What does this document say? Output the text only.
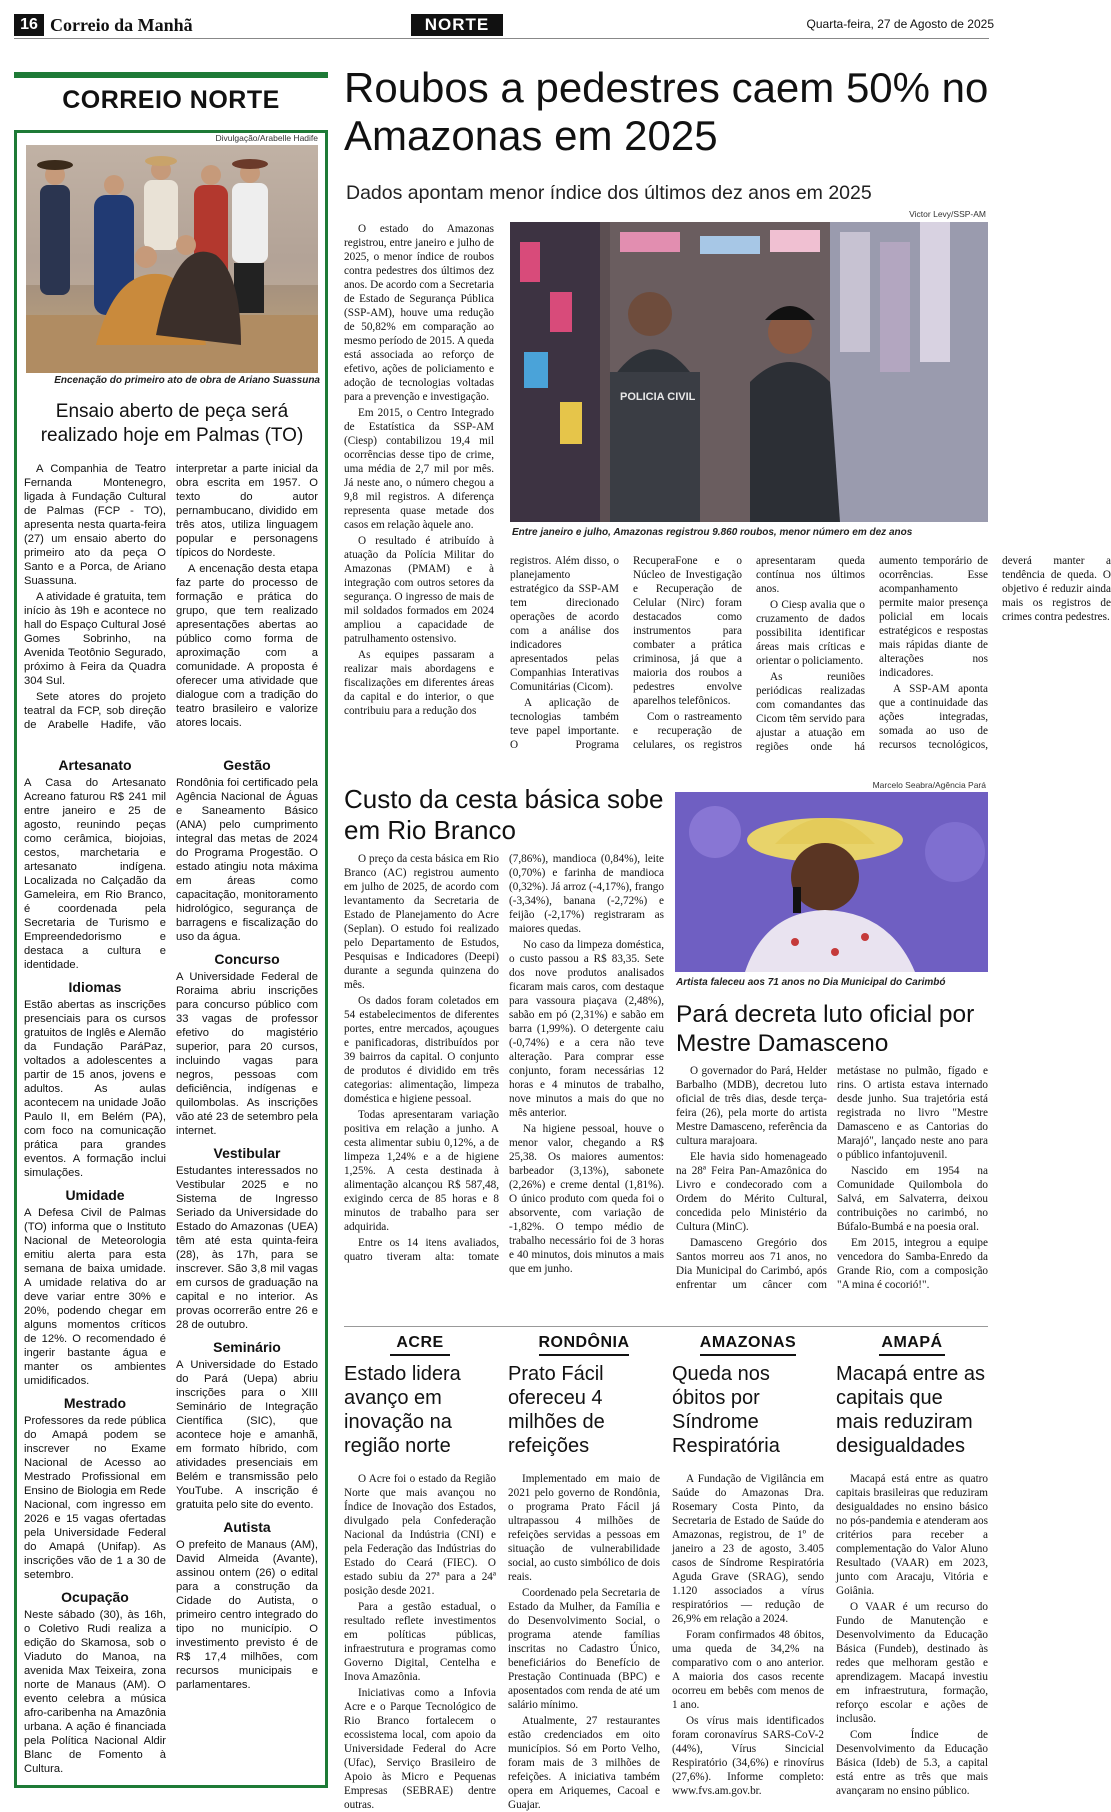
16 Correio da Manhã	NORTE	Quarta-feira, 27 de Agosto de 2025
CORREIO NORTE
Divulgação/Arabelle Hadife
Encenação do primeiro ato de obra de Ariano Suassuna
Ensaio aberto de peça será realizado hoje em Palmas (TO)

A Companhia de Teatro Fernanda Montenegro, ligada à Fundação Cultural de Palmas (FCP - TO), apresenta nesta quarta-feira (27) um ensaio aberto do primeiro ato da peça O Santo e a Porca, de Ariano Suassuna.

A atividade é gratuita, tem início às 19h e acontece no hall do Espaço Cultural José Gomes Sobrinho, na Avenida Teotônio Segurado, próximo à Feira da Quadra 304 Sul.

Sete atores do projeto teatral da FCP, sob direção de Arabelle Hadife, vão interpretar a parte inicial da obra escrita em 1957. O texto do autor pernambucano, dividido em três atos, utiliza linguagem popular e personagens típicos do Nordeste.

A encenação desta etapa faz parte do processo de formação e prática do grupo, que tem realizado apresentações abertas ao público como forma de aproximação com a comunidade. A proposta é oferecer uma atividade que dialogue com a tradição do teatro brasileiro e valorize atores locais.

Artesanato

A Casa do Artesanato Acreano faturou R$ 241 mil entre janeiro e 25 de agosto, reunindo peças como cerâmica, biojoias, cestos, marchetaria e artesanato indígena. Localizada no Calçadão da Gameleira, em Rio Branco, é coordenada pela Secretaria de Turismo e Empreendedorismo e destaca a cultura e identidade.

Idiomas

Estão abertas as inscrições presenciais para os cursos gratuitos de Inglês e Alemão da Fundação ParáPaz, voltados a adolescentes a partir de 15 anos, jovens e adultos. As aulas acontecem na unidade João Paulo II, em Belém (PA), com foco na comunicação prática para grandes eventos. A formação inclui simulações.

Umidade

A Defesa Civil de Palmas (TO) informa que o Instituto Nacional de Meteorologia emitiu alerta para esta semana de baixa umidade. A umidade relativa do ar deve variar entre 30% e 20%, podendo chegar em alguns momentos críticos de 12%. O recomendado é ingerir bastante água e manter os ambientes umidificados.

Mestrado

Professores da rede pública do Amapá podem se inscrever no Exame Nacional de Acesso ao Mestrado Profissional em Ensino de Biologia em Rede Nacional, com ingresso em 2026 e 15 vagas ofertadas pela Universidade Federal do Amapá (Unifap). As inscrições vão de 1 a 30 de setembro.

Ocupação

Neste sábado (30), às 16h, o Coletivo Rudi realiza a edição do Skamosa, sob o Viaduto do Manoa, na avenida Max Teixeira, zona norte de Manaus (AM). O evento celebra a música afro-caribenha na Amazônia urbana. A ação é financiada pela Política Nacional Aldir Blanc de Fomento à Cultura.

Gestão

Rondônia foi certificado pela Agência Nacional de Águas e Saneamento Básico (ANA) pelo cumprimento integral das metas de 2024 do Programa Progestão. O estado atingiu nota máxima em áreas como capacitação, monitoramento hidrológico, segurança de barragens e fiscalização do uso da água.

Concurso

A Universidade Federal de Roraima abriu inscrições para concurso público com 33 vagas de professor efetivo do magistério superior, para 20 cursos, incluindo vagas para negros, pessoas com deficiência, indígenas e quilombolas. As inscrições vão até 23 de setembro pela internet.

Vestibular

Estudantes interessados no Vestibular 2025 e no Sistema de Ingresso Seriado da Universidade do Estado do Amazonas (UEA) têm até esta quinta-feira (28), às 17h, para se inscrever. São 3,8 mil vagas em cursos de graduação na capital e no interior. As provas ocorrerão entre 26 e 28 de outubro.

Seminário

A Universidade do Estado do Pará (Uepa) abriu inscrições para o XIII Seminário de Integração Científica (SIC), que acontece hoje e amanhã, em formato híbrido, com atividades presenciais em Belém e transmissão pelo YouTube. A inscrição é gratuita pelo site do evento.

Autista

O prefeito de Manaus (AM), David Almeida (Avante), assinou ontem (26) o edital para a construção da Cidade do Autista, o primeiro centro integrado do tipo no município. O investimento previsto é de R$ 17,4 milhões, com recursos municipais e parlamentares.

Roubos a pedestres caem 50% no Amazonas em 2025
Dados apontam menor índice dos últimos dez anos em 2025
Victor Levy/SSP-AM

O estado do Amazonas registrou, entre janeiro e julho de 2025, o menor índice de roubos contra pedestres dos últimos dez anos. De acordo com a Secretaria de Estado de Segurança Pública (SSP-AM), houve uma redução de 50,82% em comparação ao mesmo período de 2015. A queda está associada ao reforço de efetivo, ações de policiamento e adoção de tecnologias voltadas para a prevenção e investigação.

Em 2015, o Centro Integrado de Estatística da SSP-AM (Ciesp) contabilizou 19,4 mil ocorrências desse tipo de crime, uma média de 2,7 mil por mês. Já neste ano, o número chegou a 9,8 mil registros. A diferença representa quase metade dos casos em relação àquele ano.

O resultado é atribuído à atuação da Polícia Militar do Amazonas (PMAM) e à integração com outros setores da segurança. O ingresso de mais de mil soldados formados em 2024 ampliou a capacidade de patrulhamento ostensivo.

As equipes passaram a realizar mais abordagens e fiscalizações em diferentes áreas da capital e do interior, o que contribuiu para a redução dos

POLICIA CIVIL
Entre janeiro e julho, Amazonas registrou 9.860 roubos, menor número em dez anos

registros. Além disso, o planejamento estratégico da SSP-AM tem direcionado operações de acordo com a análise dos indicadores apresentados pelas Companhias Interativas Comunitárias (Cicom).

A aplicação de tecnologias também teve papel importante. O Programa RecuperaFone e o Núcleo de Investigação e Recuperação de Celular (Nirc) foram destacados como instrumentos para combater a prática criminosa, já que a maioria dos roubos a pedestres envolve aparelhos telefônicos.

Com o rastreamento e recuperação de celulares, os registros apresentaram queda contínua nos últimos anos.

O Ciesp avalia que o cruzamento de dados possibilita identificar áreas mais críticas e orientar o policiamento.

As reuniões periódicas realizadas com comandantes das Cicom têm servido para ajustar a atuação em regiões onde há aumento temporário de ocorrências. Esse acompanhamento permite maior presença policial em locais estratégicos e respostas mais rápidas diante de alterações nos indicadores.

A SSP-AM aponta que a continuidade das ações integradas, somada ao uso de recursos tecnológicos, deverá manter a tendência de queda. O objetivo é reduzir ainda mais os registros de crimes contra pedestres.

Custo da cesta básica sobe em Rio Branco

O preço da cesta básica em Rio Branco (AC) registrou aumento em julho de 2025, de acordo com levantamento da Secretaria de Estado de Planejamento do Acre (Seplan). O estudo foi realizado pelo Departamento de Estudos, Pesquisas e Indicadores (Deepi) durante a segunda quinzena do mês.

Os dados foram coletados em 54 estabelecimentos de diferentes portes, entre mercados, açougues e panificadoras, distribuídos por 39 bairros da capital. O conjunto de produtos é dividido em três categorias: alimentação, limpeza doméstica e higiene pessoal.

Todas apresentaram variação positiva em relação a junho. A cesta alimentar subiu 0,12%, a de limpeza 1,24% e a de higiene 1,25%. A cesta destinada à alimentação alcançou R$ 587,48, exigindo cerca de 85 horas e 8 minutos de trabalho para ser adquirida.

Entre os 14 itens avaliados, quatro tiveram alta: tomate (7,86%), mandioca (0,84%), leite (0,70%) e farinha de mandioca (0,32%). Já arroz (-4,17%), frango (-3,34%), banana (-2,72%) e feijão (-2,17%) registraram as maiores quedas.

No caso da limpeza doméstica, o custo passou a R$ 83,35. Sete dos nove produtos analisados ficaram mais caros, com destaque para vassoura piaçava (2,48%), sabão em pó (2,31%) e sabão em barra (1,99%). O detergente caiu (-0,74%) e a cera não teve alteração. Para comprar esse conjunto, foram necessárias 12 horas e 4 minutos de trabalho, nove minutos a mais do que no mês anterior.

Na higiene pessoal, houve o menor valor, chegando a R$ 25,38. Os maiores aumentos: barbeador (3,13%), sabonete (2,26%) e creme dental (1,81%). O único produto com queda foi o absorvente, com variação de -1,82%. O tempo médio de trabalho necessário foi de 3 horas e 40 minutos, dois minutos a mais que em junho.

Marcelo Seabra/Agência Pará
Artista faleceu aos 71 anos no Dia Municipal do Carimbó
Pará decreta luto oficial por Mestre Damasceno

O governador do Pará, Helder Barbalho (MDB), decretou luto oficial de três dias, desde terça-feira (26), pela morte do artista Mestre Damasceno, referência da cultura marajoara.

Ele havia sido homenageado na 28ª Feira Pan-Amazônica do Livro e condecorado com a Ordem do Mérito Cultural, concedida pelo Ministério da Cultura (MinC).

Damasceno Gregório dos Santos morreu aos 71 anos, no Dia Municipal do Carimbó, após enfrentar um câncer com metástase no pulmão, fígado e rins. O artista estava internado desde junho. Sua trajetória está registrada no livro "Mestre Damasceno e as Cantorias do Marajó", lançado neste ano para o público infantojuvenil.

Nascido em 1954 na Comunidade Quilombola do Salvá, em Salvaterra, deixou contribuições no carimbó, no Búfalo-Bumbá e na poesia oral.

Em 2015, integrou a equipe vencedora do Samba-Enredo da Grande Rio, com a composição "A mina é cocorió!".

ACRE
Estado lidera avanço em inovação na região norte

O Acre foi o estado da Região Norte que mais avançou no Índice de Inovação dos Estados, divulgado pela Confederação Nacional da Indústria (CNI) e pela Federação das Indústrias do Estado do Ceará (FIEC). O estado subiu da 27ª para a 24ª posição desde 2021.

Para a gestão estadual, o resultado reflete investimentos em políticas públicas, infraestrutura e programas como Governo Digital, Centelha e Inova Amazônia.

Iniciativas como a Infovia Acre e o Parque Tecnológico de Rio Branco fortalecem o ecossistema local, com apoio da Universidade Federal do Acre (Ufac), Serviço Brasileiro de Apoio às Micro e Pequenas Empresas (SEBRAE) dentre outras.

RONDÔNIA
Prato Fácil ofereceu 4 milhões de refeições

Implementado em maio de 2021 pelo governo de Rondônia, o programa Prato Fácil já ultrapassou 4 milhões de refeições servidas a pessoas em situação de vulnerabilidade social, ao custo simbólico de dois reais.

Coordenado pela Secretaria de Estado da Mulher, da Família e do Desenvolvimento Social, o programa atende famílias inscritas no Cadastro Único, beneficiários do Benefício de Prestação Continuada (BPC) e aposentados com renda de até um salário mínimo.

Atualmente, 27 restaurantes estão credenciados em oito municípios. Só em Porto Velho, foram mais de 3 milhões de refeições. A iniciativa também opera em Ariquemes, Cacoal e Guajar.

AMAZONAS
Queda nos óbitos por Síndrome Respiratória

A Fundação de Vigilância em Saúde do Amazonas Dra. Rosemary Costa Pinto, da Secretaria de Estado de Saúde do Amazonas, registrou, de 1º de janeiro a 23 de agosto, 3.405 casos de Síndrome Respiratória Aguda Grave (SRAG), sendo 1.120 associados a vírus respiratórios — redução de 26,9% em relação a 2024.

Foram confirmados 48 óbitos, uma queda de 34,2% na comparativo com o ano anterior. A maioria dos casos recente ocorreu em bebês com menos de 1 ano.

Os vírus mais identificados foram coronavírus SARS-CoV-2 (44%), Vírus Sincicial Respiratório (34,6%) e rinovírus (27,6%). Informe completo: www.fvs.am.gov.br.

AMAPÁ
Macapá entre as capitais que mais reduziram desigualdades

Macapá está entre as quatro capitais brasileiras que reduziram desigualdades no ensino básico no pós-pandemia e atenderam aos critérios para receber a complementação do Valor Aluno Resultado (VAAR) em 2023, junto com Aracaju, Vitória e Goiânia.

O VAAR é um recurso do Fundo de Manutenção e Desenvolvimento da Educação Básica (Fundeb), destinado às redes que melhoram gestão e aprendizagem. Macapá investiu em infraestrutura, formação, reforço escolar e ações de inclusão.

Com Índice de Desenvolvimento da Educação Básica (Ideb) de 5.3, a capital está entre as três que mais avançaram no ensino público.
